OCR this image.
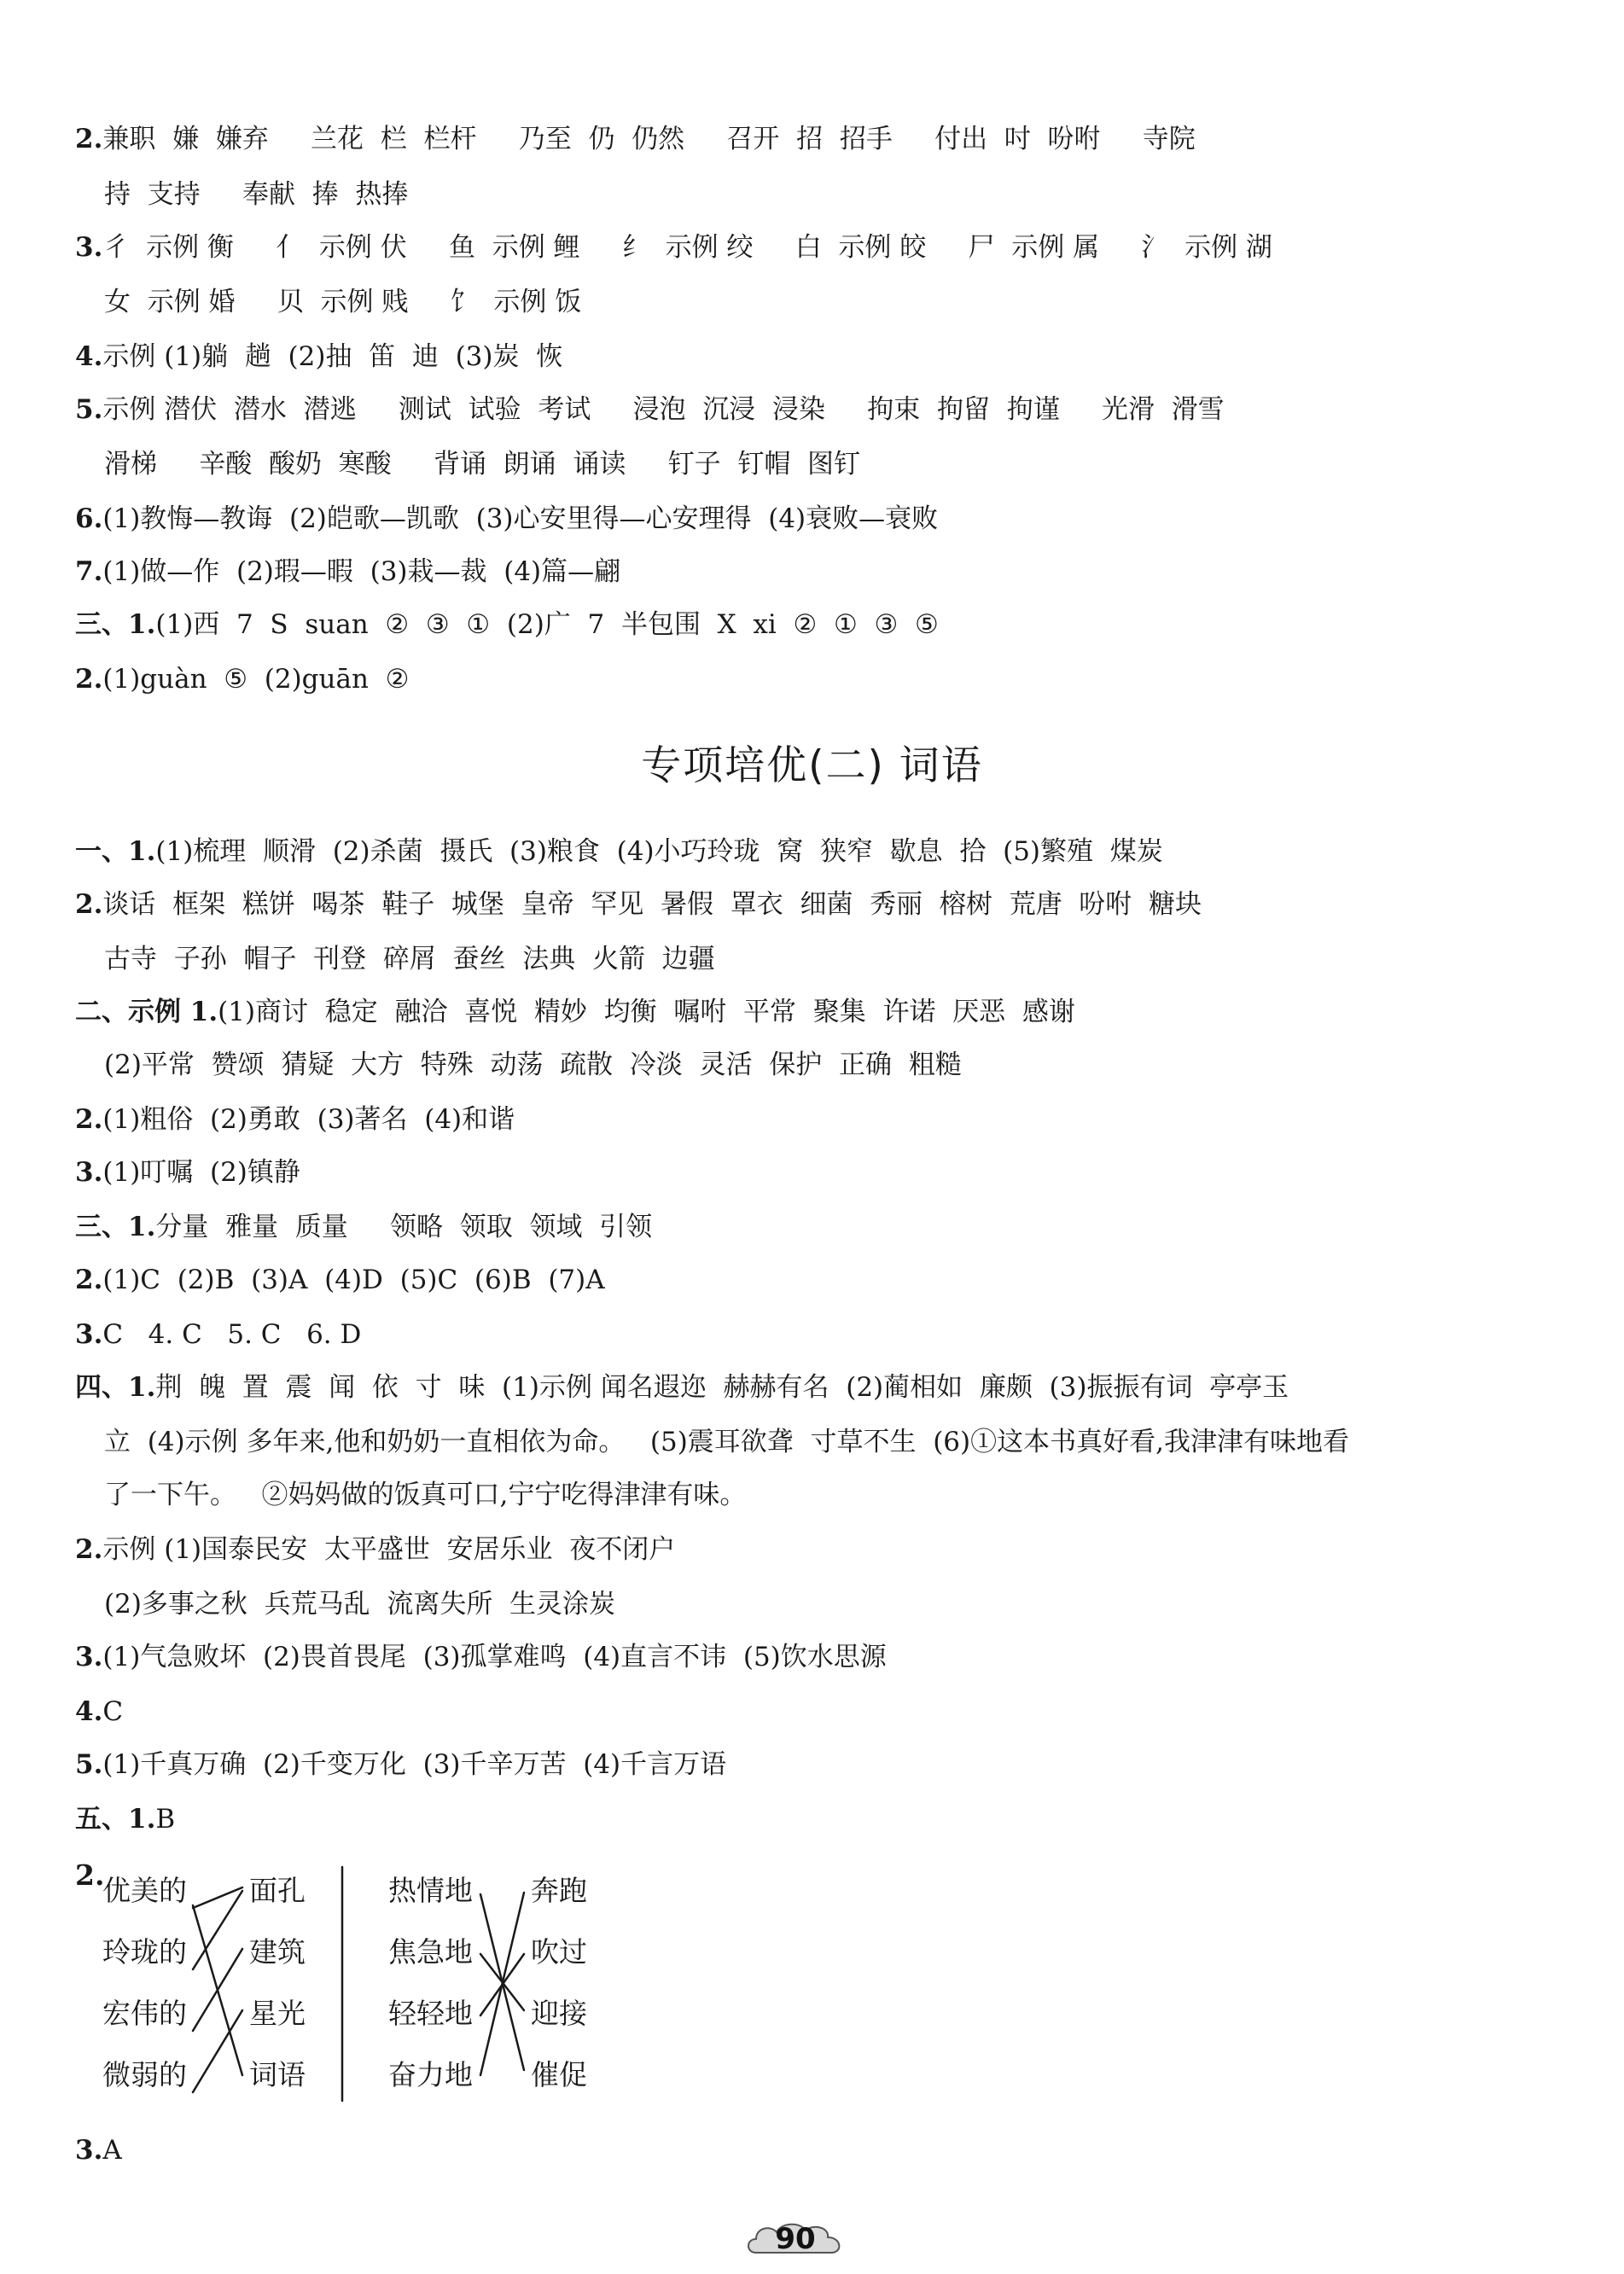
2.兼职  嫌  嫌弃     兰花  栏  栏杆     乃至  仍  仍然     召开  招  招手     付出  吋  吩咐     寺院
持  支持     奉献  捧  热捧
3.彳  示例 衡     亻  示例 伏     鱼  示例 鲤     纟  示例 绞     白  示例 皎     尸  示例 属     氵  示例 湖
女  示例 婚     贝  示例 贱     饣  示例 饭
4.示例 (1)躺  趟  (2)抽  笛  迪  (3)炭  恢
5.示例 潜伏  潜水  潜逃     测试  试验  考试     浸泡  沉浸  浸染     拘束  拘留  拘谨     光滑  滑雪
滑梯     辛酸  酸奶  寒酸     背诵  朗诵  诵读     钉子  钉帽  图钉
6.(1)教悔—教诲  (2)皑歌—凯歌  (3)心安里得—心安理得  (4)衰败—衰败
7.(1)做—作  (2)瑕—暇  (3)栽—裁  (4)篇—翩
三、1.(1)西  7  S  suan  ②  ③  ①  (2)广  7  半包围  X  xi  ②  ①  ③  ⑤
2.(1)guàn  ⑤  (2)guān  ②
专项培优(二) 词语
一、1.(1)梳理  顺滑  (2)杀菌  摄氏  (3)粮食  (4)小巧玲珑  窝  狭窄  歇息  拾  (5)繁殖  煤炭
2.谈话  框架  糕饼  喝茶  鞋子  城堡  皇帝  罕见  暑假  罩衣  细菌  秀丽  榕树  荒唐  吩咐  糖块
古寺  子孙  帽子  刊登  碎屑  蚕丝  法典  火箭  边疆
二、示例 1.(1)商讨  稳定  融洽  喜悦  精妙  均衡  嘱咐  平常  聚集  许诺  厌恶  感谢
(2)平常  赞颂  猜疑  大方  特殊  动荡  疏散  冷淡  灵活  保护  正确  粗糙
2.(1)粗俗  (2)勇敢  (3)著名  (4)和谐
3.(1)叮嘱  (2)镇静
三、1.分量  雅量  质量     领略  领取  领域  引领
2.(1)C  (2)B  (3)A  (4)D  (5)C  (6)B  (7)A
3.C   4. C   5. C   6. D
四、1.荆  魄  置  震  闻  依  寸  味  (1)示例 闻名遐迩  赫赫有名  (2)蔺相如  廉颇  (3)振振有词  亭亭玉
立  (4)示例 多年来,他和奶奶一直相依为命。   (5)震耳欲聋  寸草不生  (6)①这本书真好看,我津津有味地看
了一下午。   ②妈妈做的饭真可口,宁宁吃得津津有味。
2.示例 (1)国泰民安  太平盛世  安居乐业  夜不闭户
(2)多事之秋  兵荒马乱  流离失所  生灵涂炭
3.(1)气急败坏  (2)畏首畏尾  (3)孤掌难鸣  (4)直言不讳  (5)饮水思源
4.C
5.(1)千真万确  (2)千变万化  (3)千辛万苦  (4)千言万语
五、1.B
2.
优美的
玲珑的
宏伟的
微弱的
面孔
建筑
星光
词语
热情地
焦急地
轻轻地
奋力地
奔跑
吹过
迎接
催促
3.A
90
